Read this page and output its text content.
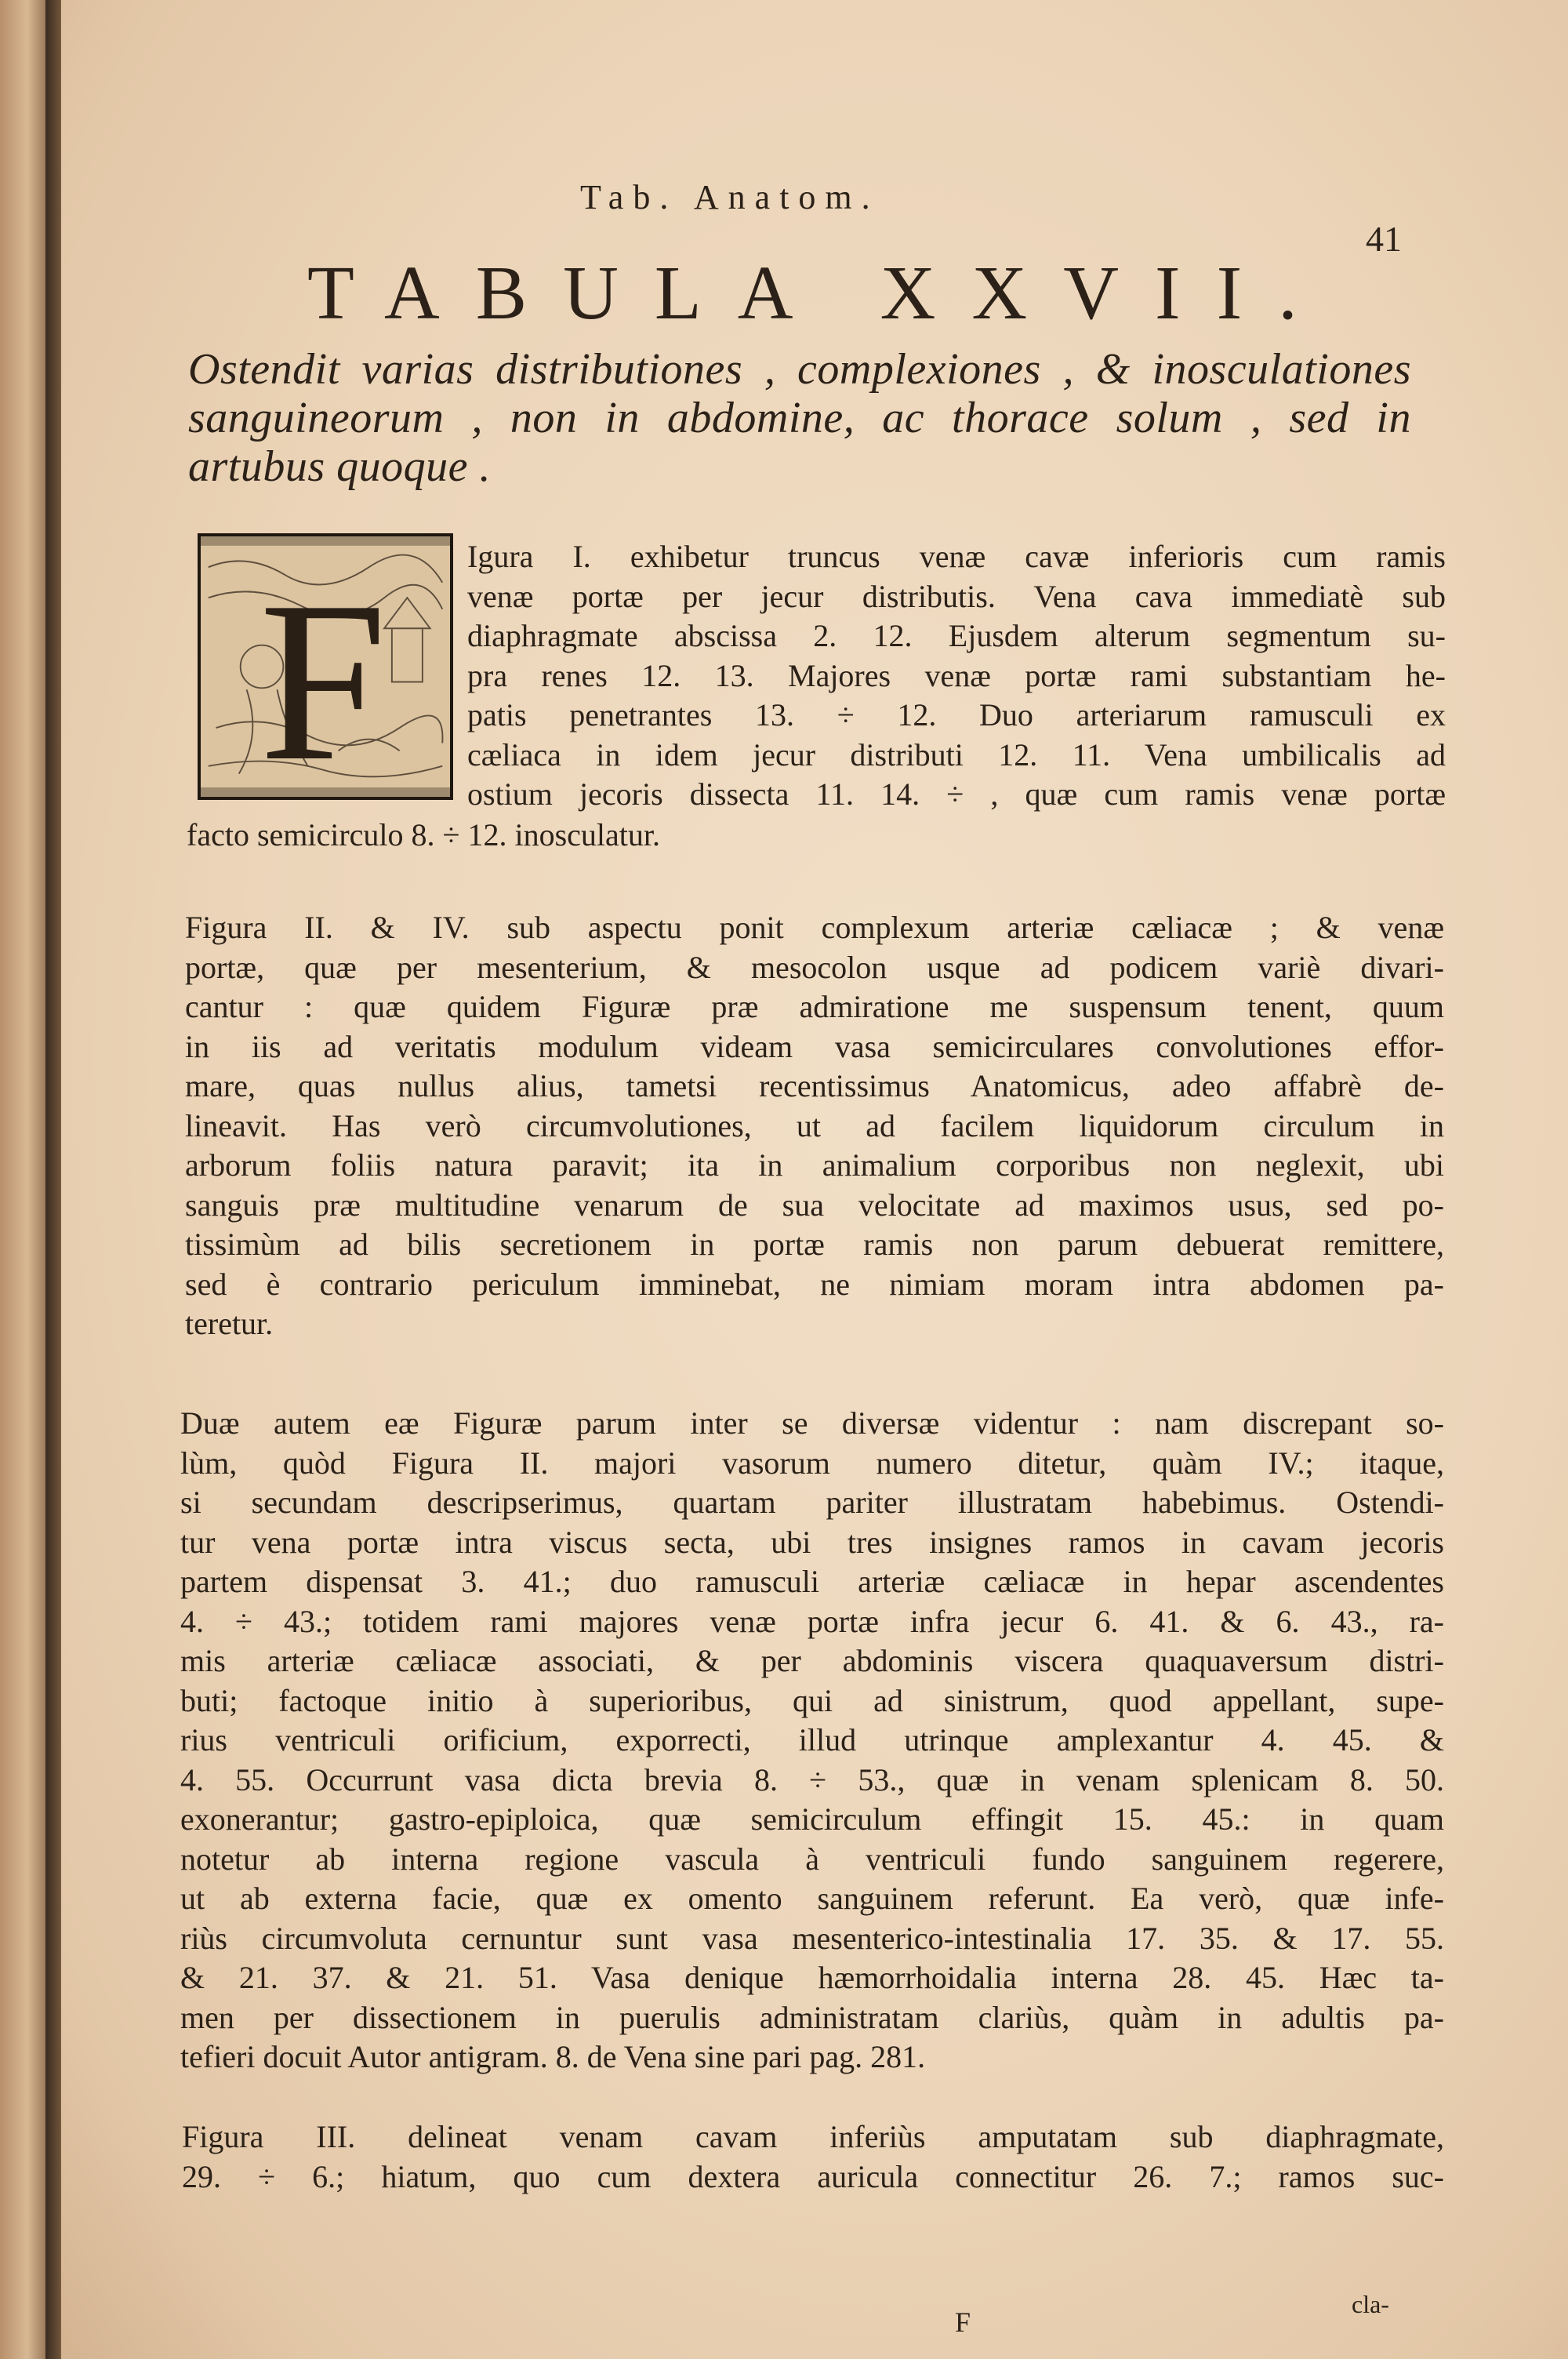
Tab. Anatom.
41
TABULA XXVII.

Ostendit varias distributiones , complexiones , & inosculationes
sanguineorum , non in abdomine, ac thorace solum , sed in
artubus quoque .

F	Igura I. exhibetur truncus venæ cavæ inferioris cum ramis
venæ portæ per jecur distributis. Vena cava immediatè sub
diaphragmate abscissa 2. 12. Ejusdem alterum segmentum su-
pra renes 12. 13. Majores venæ portæ rami substantiam he-
patis penetrantes 13. ÷ 12. Duo arteriarum ramusculi ex
cæliaca in idem jecur distributi 12. 11. Vena umbilicalis ad
ostium jecoris dissecta 11. 14. ÷ , quæ cum ramis venæ portæ
facto semicirculo 8. ÷ 12. inosculatur.
Figura II. & IV. sub aspectu ponit complexum arteriæ cæliacæ ; & venæ
portæ, quæ per mesenterium, & mesocolon usque ad podicem variè divari-
cantur : quæ quidem Figuræ præ admiratione me suspensum tenent, quum
in iis ad veritatis modulum videam vasa semicirculares convolutiones effor-
mare, quas nullus alius, tametsi recentissimus Anatomicus, adeo affabrè de-
lineavit. Has verò circumvolutiones, ut ad facilem liquidorum circulum in
arborum foliis natura paravit; ita in animalium corporibus non neglexit, ubi
sanguis præ multitudine venarum de sua velocitate ad maximos usus, sed po-
tissimùm ad bilis secretionem in portæ ramis non parum debuerat remittere,
sed è contrario periculum imminebat, ne nimiam moram intra abdomen pa-
teretur.
Duæ autem eæ Figuræ parum inter se diversæ videntur : nam discrepant so-
lùm, quòd Figura II. majori vasorum numero ditetur, quàm IV.; itaque,
si secundam descripserimus, quartam pariter illustratam habebimus. Ostendi-
tur vena portæ intra viscus secta, ubi tres insignes ramos in cavam jecoris
partem dispensat 3. 41.; duo ramusculi arteriæ cæliacæ in hepar ascendentes
4. ÷ 43.; totidem rami majores venæ portæ infra jecur 6. 41. & 6. 43., ra-
mis arteriæ cæliacæ associati, & per abdominis viscera quaquaversum distri-
buti; factoque initio à superioribus, qui ad sinistrum, quod appellant, supe-
rius ventriculi orificium, exporrecti, illud utrinque amplexantur 4. 45. &
4. 55. Occurrunt vasa dicta brevia 8. ÷ 53., quæ in venam splenicam 8. 50.
exonerantur; gastro-epiploica, quæ semicirculum effingit 15. 45.: in quam
notetur ab interna regione vascula à ventriculi fundo sanguinem regerere,
ut ab externa facie, quæ ex omento sanguinem referunt. Ea verò, quæ infe-
riùs circumvoluta cernuntur sunt vasa mesenterico-intestinalia 17. 35. & 17. 55.
& 21. 37. & 21. 51. Vasa denique hæmorrhoidalia interna 28. 45. Hæc ta-
men per dissectionem in puerulis administratam clariùs, quàm in adultis pa-
tefieri docuit Autor antigram. 8. de Vena sine pari pag. 281.
Figura III. delineat venam cavam inferiùs amputatam sub diaphragmate,
29. ÷ 6.; hiatum, quo cum dextera auricula connectitur 26. 7.; ramos suc-
F
cla-
